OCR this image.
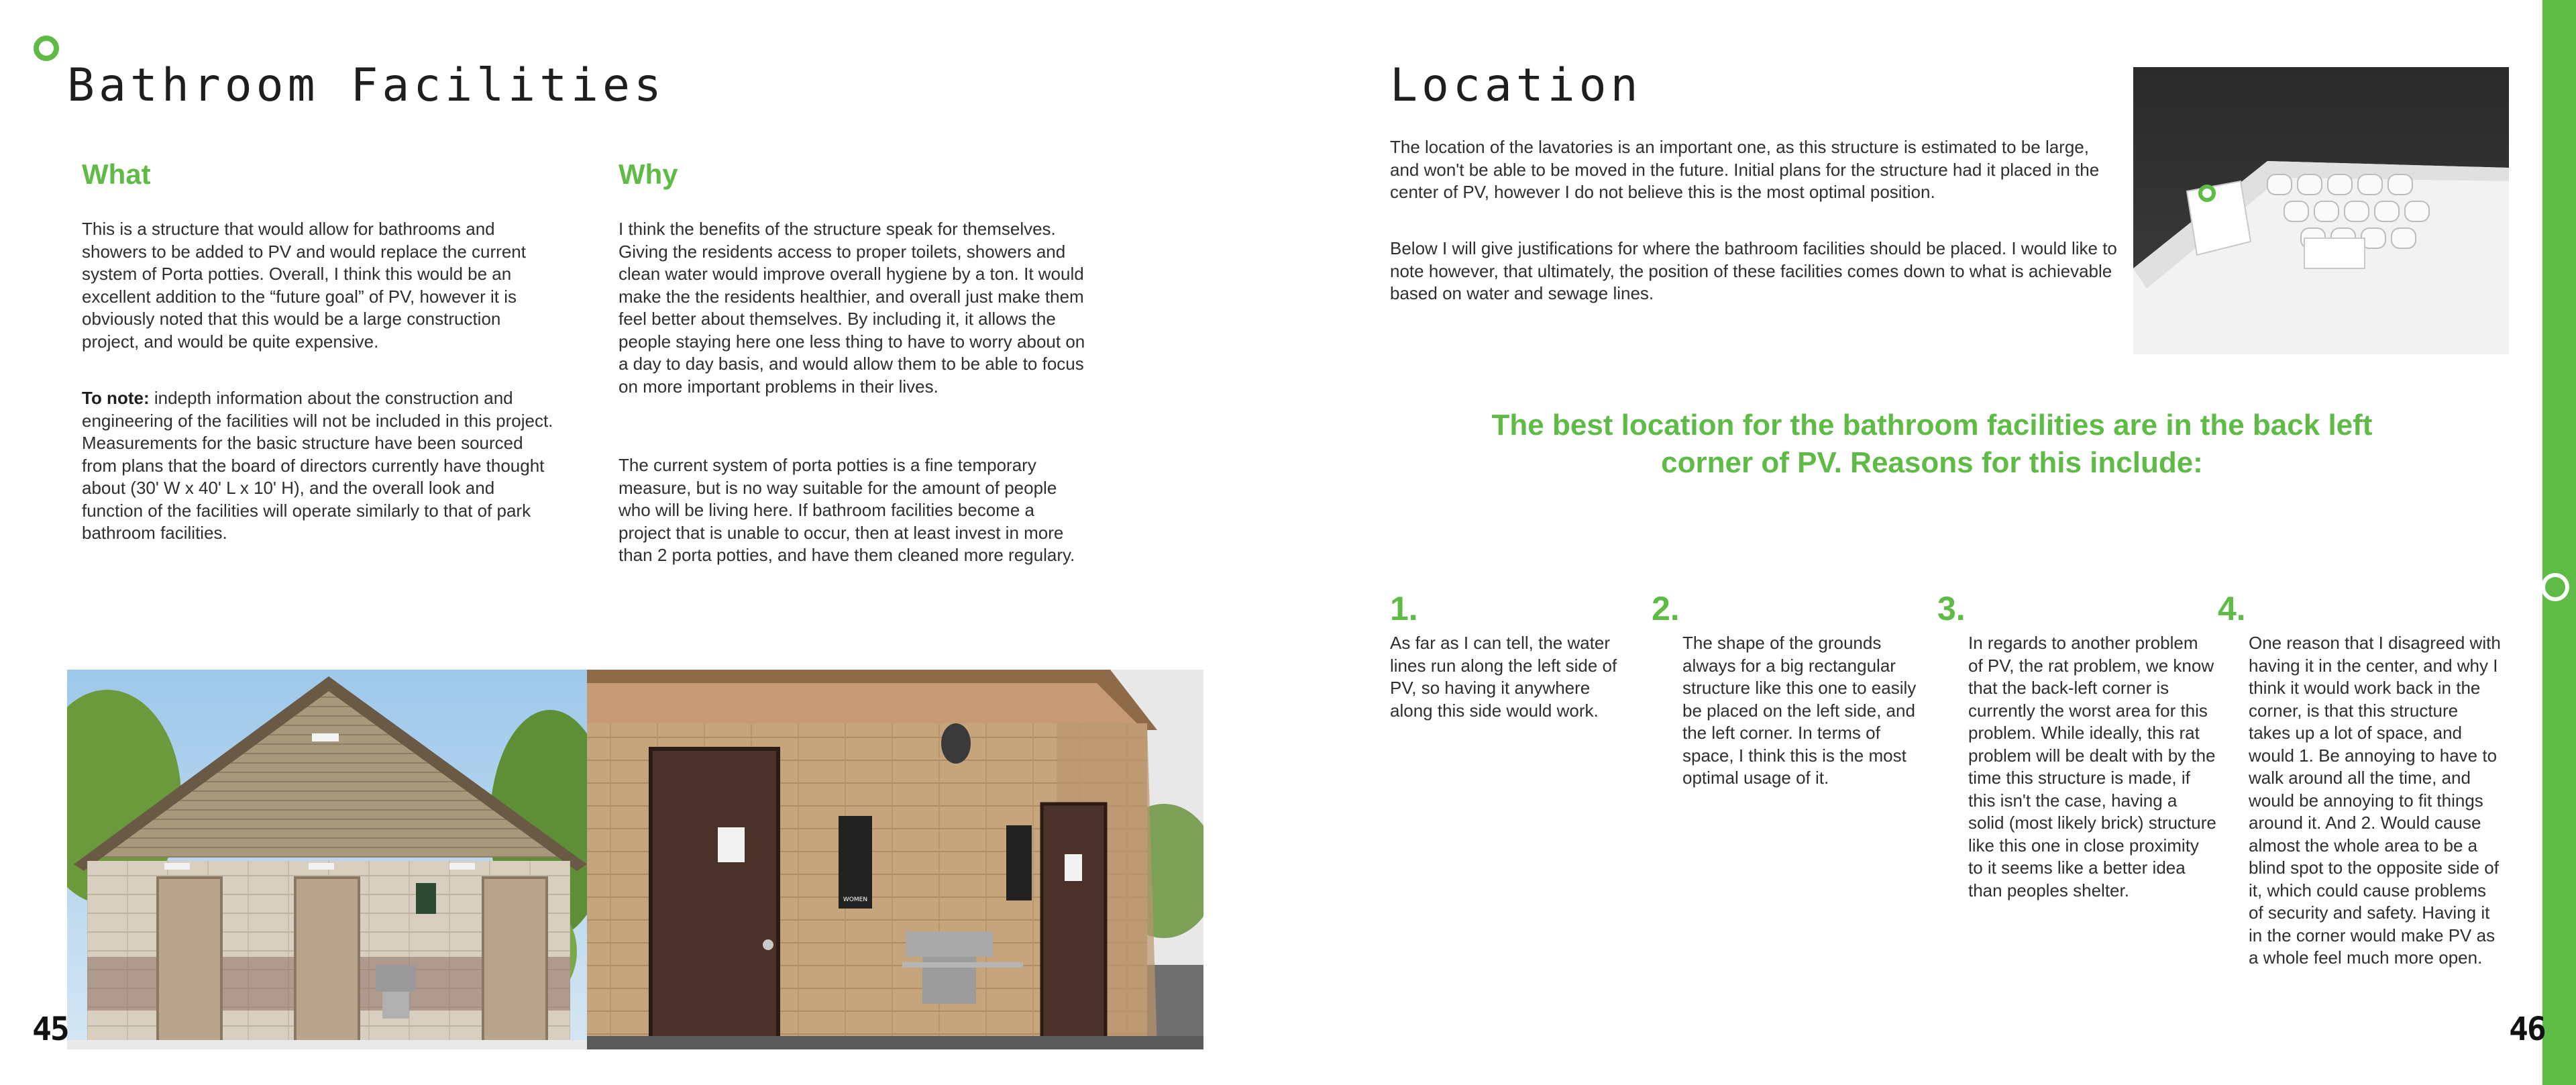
Bathroom Facilities
What

This is a structure that would allow for bathrooms and showers to be added to PV and would replace the current system of Porta potties. Overall, I think this would be an excellent addition to the “future goal” of PV, however it is obviously noted that this would be a large construction project, and would be quite expensive.

To note: indepth information about the construction and engineering of the facilities will not be included in this project. Measurements for the basic structure have been sourced from plans that the board of directors currently have thought about (30' W x 40' L x 10' H), and the overall look and function of the facilities will operate similarly to that of park bathroom facilities.

Why

I think the benefits of the structure speak for themselves. Giving the residents access to proper toilets, showers and clean water would improve overall hygiene by a ton. It would make the the residents healthier, and overall just make them feel better about themselves. By including it, it allows the people staying here one less thing to have to worry about on a day to day basis, and would allow them to be able to focus on more important problems in their lives.

The current system of porta potties is a fine temporary measure, but is no way suitable for the amount of people who will be living here. If bathroom facilities become a project that is unable to occur, then at least invest in more than 2 porta potties, and have them cleaned more regulary.

WOMEN
45
Location

The location of the lavatories is an important one, as this structure is estimated to be large, and won't be able to be moved in the future. Initial plans for the structure had it placed in the center of PV, however I do not believe this is the most optimal position.

Below I will give justifications for where the bathroom facilities should be placed. I would like to note however, that ultimately, the position of these facilities comes down to what is achievable based on water and sewage lines.

The best location for the bathroom facilities are in the back left corner of PV. Reasons for this include:

1.

As far as I can tell, the water lines run along the left side of PV, so having it anywhere along this side would work.

2.

The shape of the grounds always for a big rectangular structure like this one to easily be placed on the left side, and the left corner. In terms of space, I think this is the most optimal usage of it.

3.

In regards to another problem of PV, the rat problem, we know that the back-left corner is currently the worst area for this problem. While ideally, this rat problem will be dealt with by the time this structure is made, if this isn't the case, having a solid (most likely brick) structure like this one in close proximity to it seems like a better idea than peoples shelter.

4.

One reason that I disagreed with having it in the center, and why I think it would work back in the corner, is that this structure takes up a lot of space, and would 1. Be annoying to have to walk around all the time, and would be annoying to fit things around it. And 2. Would cause almost the whole area to be a blind spot to the opposite side of it, which could cause problems of security and safety. Having it in the corner would make PV as a whole feel much more open.

46
